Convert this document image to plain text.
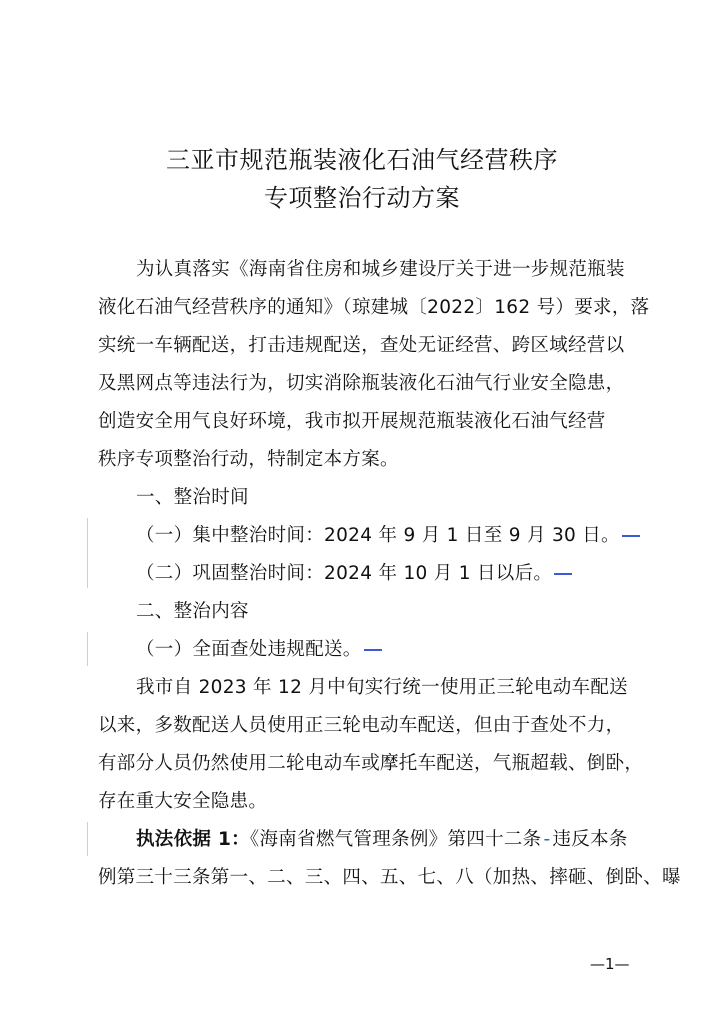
三亚市规范瓶装液化石油气经营秩序
专项整治行动方案
为认真落实《海南省住房和城乡建设厅关于进一步规范瓶装
液化石油气经营秩序的通知》（琼建城〔2022〕162 号）要求，落
实统一车辆配送，打击违规配送，查处无证经营、跨区域经营以
及黑网点等违法行为，切实消除瓶装液化石油气行业安全隐患，
创造安全用气良好环境，我市拟开展规范瓶装液化石油气经营
秩序专项整治行动，特制定本方案。
一、整治时间
（一）集中整治时间：2024 年 9 月 1 日至 9 月 30 日。
（二）巩固整治时间：2024 年 10 月 1 日以后。
二、整治内容
（一）全面查处违规配送。
我市自 2023 年 12 月中旬实行统一使用正三轮电动车配送
以来，多数配送人员使用正三轮电动车配送，但由于查处不力，
有部分人员仍然使用二轮电动车或摩托车配送，气瓶超载、倒卧，
存在重大安全隐患。
执法依据 1：《海南省燃气管理条例》第四十二条 - 违反本条
例第三十三条第一、二、三、四、五、七、八（加热、摔砸、倒卧、曝
—1—
